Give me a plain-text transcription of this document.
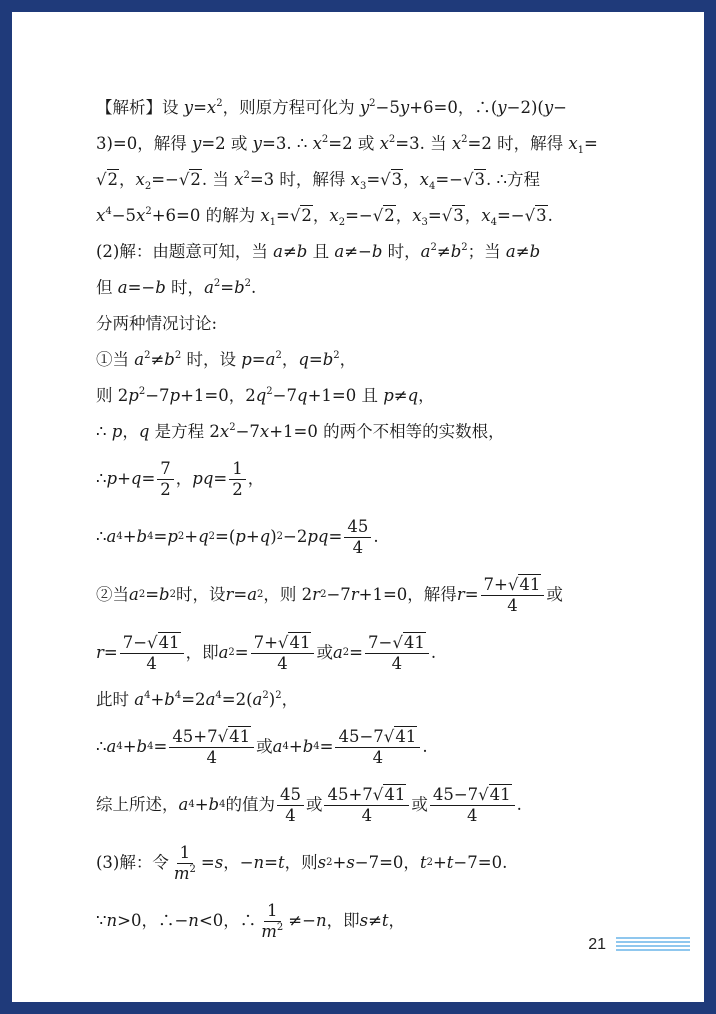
【解析】设 $y=x^2$，则原方程可化为 $y^2-5y+6=0$，∴(y−2)(y−
3)=0，解得 y=2 或 y=3. ∴ $x^2=2$ 或 $x^2=3$. 当 $x^2=2$ 时，解得 $x_1=$
√2，$x_2=-√2$. 当 $x^2=3$ 时，解得 $x_3=√3$，$x_4=-√3$. ∴方程
$x^4-5x^2+6=0$ 的解为 $x_1=√2$，$x_2=-√2$，$x_3=√3$，$x_4=-√3$.
(2)解：由题意可知，当 a≠b 且 a≠−b 时，$a^2\ne b^2$；当 a≠b
但 a=−b 时，$a^2=b^2$.
分两种情况讨论:
①当 $a^2\ne b^2$ 时，设 $p=a^2$，$q=b^2$，
则 $2p^2-7p+1=0$，$2q^2-7q+1=0$ 且 p≠q，
∴ p，q 是方程 $2x^2-7x+1=0$ 的两个不相等的实数根，
∴ $p + q = \frac{7}{2}$ ， pq = $\frac{1}{2}$ ，
∴ a 4 + b 4 = p 2 + q 2 =( p + q ) 2 −2 pq = $\frac{45}{4}$ .
②当 a 2 = b 2 时，设 r = a 2 ，则 2 r 2 −7 r +1=0，解得 $r = \frac{7+√41}{4}$ 或
$r = \frac{7-√41}{4}$ ，即 a $2 = \frac{7+√41}{4}$ 或 a $2 = \frac{7-√41}{4}$ .
此时 $a^4+b^4=2a^4=2(a^2)^2$，
∴ a 4 + b $4 = \frac{45+7√41}{4}$ 或 a 4 + b $4 = \frac{45-7√41}{4}$ .
综上所述， a 4 + b 4 的值为 $\frac{45}{4}$ 或 $\frac{45+7√41}{4}$ 或 $\frac{45-7√41}{4}$ .
(3)解：令 $\frac{1}{m^2} = s$ ，− n = t ，则 s 2 + s −7=0， t 2 + t −7=0.
∵ n >0，∴− n <0，∴ $\frac{1}{m^2} \ne- n$ ，即 s ≠ t ，
21
